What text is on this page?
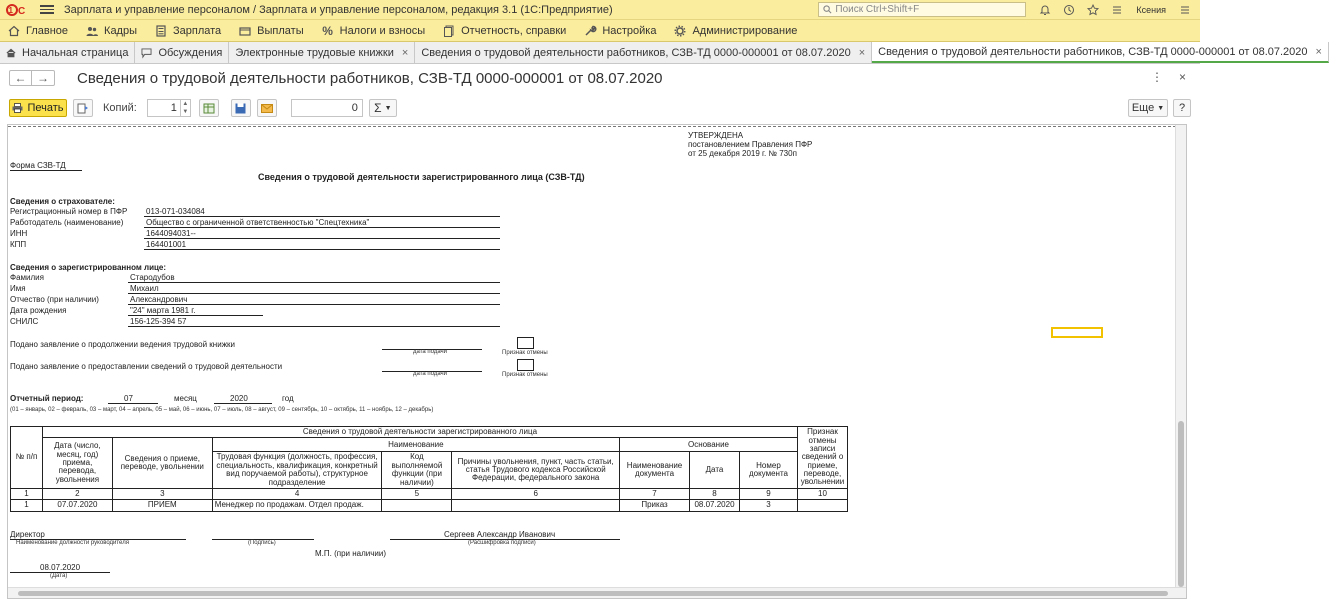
1 С	Зарплата и управление персоналом / Зарплата и управление персоналом, редакция 3.1 (1С:Предприятие)	Поиск Ctrl+Shift+F	Ксения
Главное	Кадры	Зарплата	Выплаты % Налоги и взносы	Отчетность, справки	Настройка	Администрирование
Начальная страница	Обсуждения Электронные трудовые книжки × Сведения о трудовой деятельности работников, СЗВ-ТД 0000-000001 от 08.07.2020 × Сведения о трудовой деятельности работников, СЗВ-ТД 0000-000001 от 08.07.2020 ×
← →	Сведения о трудовой деятельности работников, СЗВ-ТД 0000-000001 от 08.07.2020	⋮ ×
Печать	Копий:	1 ▲
▼	0	Σ ▼	Еще ▼	?
УТВЕРЖДЕНА
постановлением Правления ПФР
от 25 декабря 2019 г. № 730п
Форма СЗВ-ТД
Сведения о трудовой деятельности зарегистрированного лица (СЗВ-ТД)
Сведения о страхователе:
Регистрационный номер в ПФР 013-071-034084
Работодатель (наименование)	Общество с ограниченной ответственностью "Спецтехника"
ИНН	1644094031--
КПП	164401001
Сведения о зарегистрированном лице:
Фамилия	Стародубов
Имя	Михаил
Отчество (при наличии)	Александрович
Дата рождения	"24" марта 1981 г.
СНИЛС	156-125-394 57
Подано заявление о продолжении ведения трудовой книжки
дата подачи	Признак отмены
Подано заявление о предоставлении сведений о трудовой деятельности
дата подачи	Признак отмены
Отчетный период:	07	месяц	2020	год
(01 – январь, 02 – февраль, 03 – март, 04 – апрель, 05 – май, 06 – июнь, 07 – июль, 08 – август, 09 – сентябрь, 10 – октябрь, 11 – ноябрь, 12 – декабрь)
№ п/п	Сведения о трудовой деятельности зарегистрированного лица								Признак отмены записи сведений о приеме, переводе, увольнении
	Дата (число, месяц, год) приема, перевода, увольнения	Сведения о приеме, переводе, увольнении	Наименование			Основание			
			Трудовая функция (должность, профессия, специальность, квалификация, конкретный вид поручаемой работы), структурное подразделение	Код выполняемой функции (при наличии)	Причины увольнения, пункт, часть статьи, статья Трудового кодекса Российской Федерации, федерального закона	Наименование документа	Дата	Номер документа	
1	2	3	4	5	6	7	8	9	10
1	07.07.2020	ПРИЕМ	Менеджер по продажам. Отдел продаж.			Приказ	08.07.2020	3	
Директор
Наименование должности руководителя	(Подпись)
Сергеев Александр Иванович
(Расшифровка подписи)
М.П. (при наличии)
08.07.2020
(Дата)
